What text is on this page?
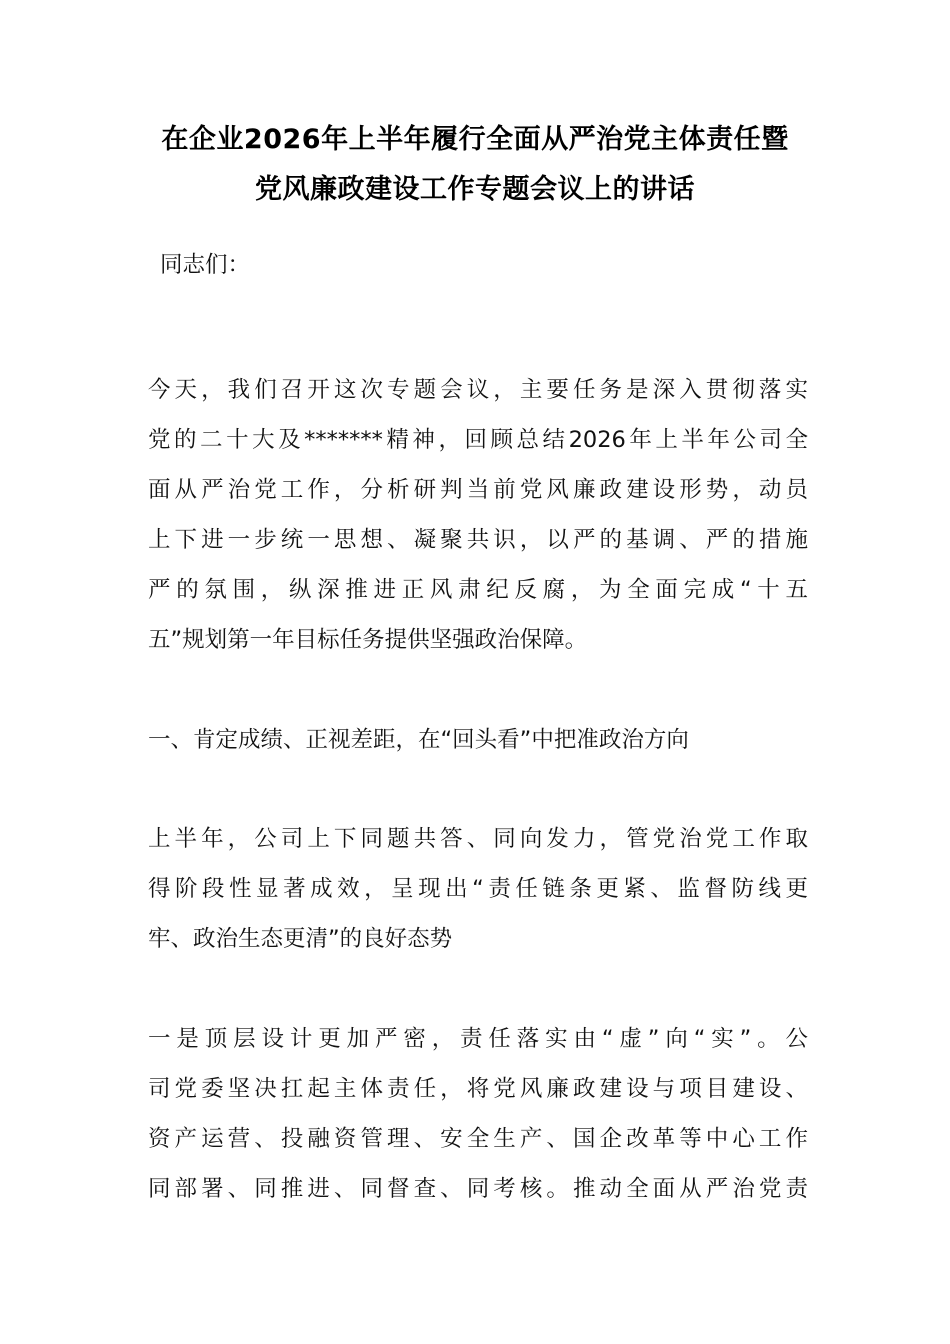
在企业2026年上半年履行全面从严治党主体责任暨
党风廉政建设工作专题会议上的讲话
同志们：
今天，我们召开这次专题会议，主要任务是深入贯彻落实
党的二十大及*******精神，回顾总结2026年上半年公司全
面从严治党工作，分析研判当前党风廉政建设形势，动员
上下进一步统一思想、凝聚共识，以严的基调、严的措施
严的氛围，纵深推进正风肃纪反腐，为全面完成“十五
五”规划第一年目标任务提供坚强政治保障。
一、肯定成绩、正视差距，在“回头看”中把准政治方向
上半年，公司上下同题共答、同向发力，管党治党工作取
得阶段性显著成效，呈现出“责任链条更紧、监督防线更
牢、政治生态更清”的良好态势
一是顶层设计更加严密，责任落实由“虚”向“实”。公
司党委坚决扛起主体责任，将党风廉政建设与项目建设、
资产运营、投融资管理、安全生产、国企改革等中心工作
同部署、同推进、同督查、同考核。推动全面从严治党责
